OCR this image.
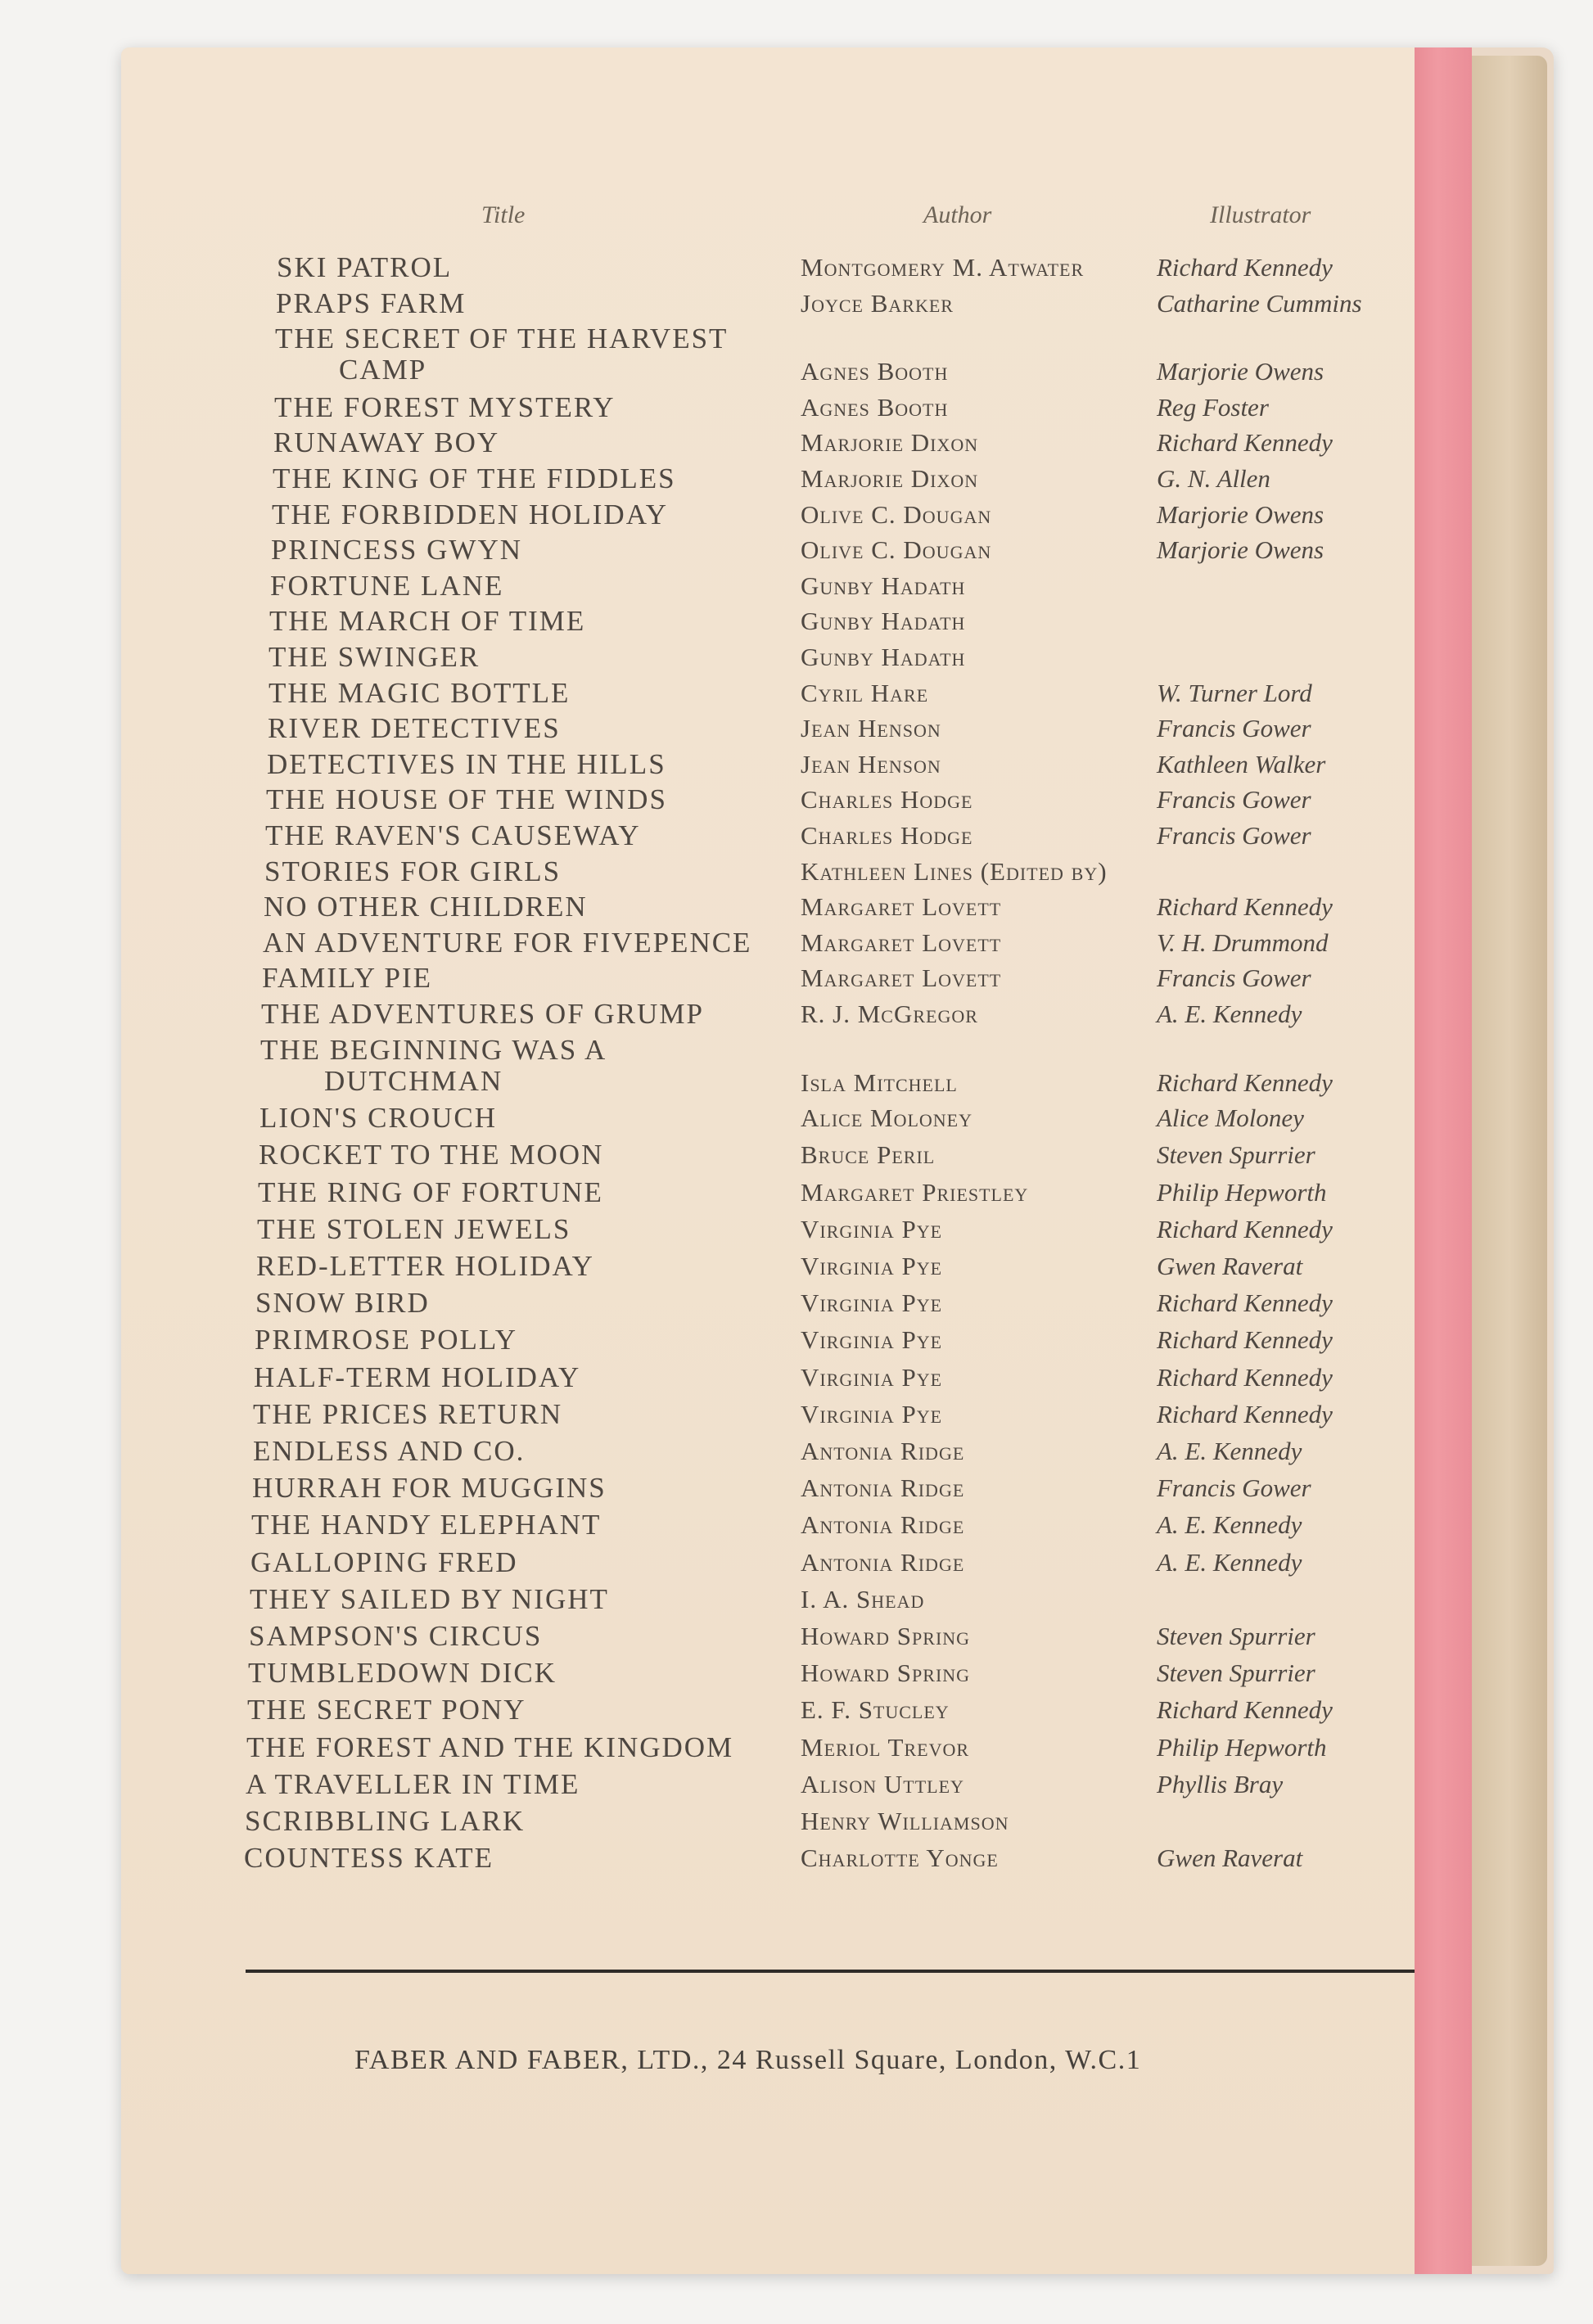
Title	Author	Illustrator
SKI PATROL	Montgomery M. Atwater	Richard Kennedy
PRAPS FARM	Joyce Barker	Catharine Cummins
THE SECRET OF THE HARVEST
CAMP	Agnes Booth	Marjorie Owens
THE FOREST MYSTERY	Agnes Booth	Reg Foster
RUNAWAY BOY	Marjorie Dixon	Richard Kennedy
THE KING OF THE FIDDLES	Marjorie Dixon	G. N. Allen
THE FORBIDDEN HOLIDAY	Olive C. Dougan	Marjorie Owens
PRINCESS GWYN	Olive C. Dougan	Marjorie Owens
FORTUNE LANE	Gunby Hadath
THE MARCH OF TIME	Gunby Hadath
THE SWINGER	Gunby Hadath
THE MAGIC BOTTLE	Cyril Hare	W. Turner Lord
RIVER DETECTIVES	Jean Henson	Francis Gower
DETECTIVES IN THE HILLS	Jean Henson	Kathleen Walker
THE HOUSE OF THE WINDS	Charles Hodge	Francis Gower
THE RAVEN'S CAUSEWAY	Charles Hodge	Francis Gower
STORIES FOR GIRLS	Kathleen Lines (Edited by)
NO OTHER CHILDREN	Margaret Lovett	Richard Kennedy
AN ADVENTURE FOR FIVEPENCE Margaret Lovett	V. H. Drummond
FAMILY PIE	Margaret Lovett	Francis Gower
THE ADVENTURES OF GRUMP	R. J. McGregor	A. E. Kennedy
THE BEGINNING WAS A
DUTCHMAN	Isla Mitchell	Richard Kennedy
LION'S CROUCH	Alice Moloney	Alice Moloney
ROCKET TO THE MOON	Bruce Peril	Steven Spurrier
THE RING OF FORTUNE	Margaret Priestley	Philip Hepworth
THE STOLEN JEWELS	Virginia Pye	Richard Kennedy
RED-LETTER HOLIDAY	Virginia Pye	Gwen Raverat
SNOW BIRD	Virginia Pye	Richard Kennedy
PRIMROSE POLLY	Virginia Pye	Richard Kennedy
HALF-TERM HOLIDAY	Virginia Pye	Richard Kennedy
THE PRICES RETURN	Virginia Pye	Richard Kennedy
ENDLESS AND CO.	Antonia Ridge	A. E. Kennedy
HURRAH FOR MUGGINS	Antonia Ridge	Francis Gower
THE HANDY ELEPHANT	Antonia Ridge	A. E. Kennedy
GALLOPING FRED	Antonia Ridge	A. E. Kennedy
THEY SAILED BY NIGHT	I. A. Shead
SAMPSON'S CIRCUS	Howard Spring	Steven Spurrier
TUMBLEDOWN DICK	Howard Spring	Steven Spurrier
THE SECRET PONY	E. F. Stucley	Richard Kennedy
THE FOREST AND THE KINGDOM	Meriol Trevor	Philip Hepworth
A TRAVELLER IN TIME	Alison Uttley	Phyllis Bray
SCRIBBLING LARK	Henry Williamson
COUNTESS KATE	Charlotte Yonge	Gwen Raverat
FABER AND FABER, LTD., 24 Russell Square, London, W.C.1
